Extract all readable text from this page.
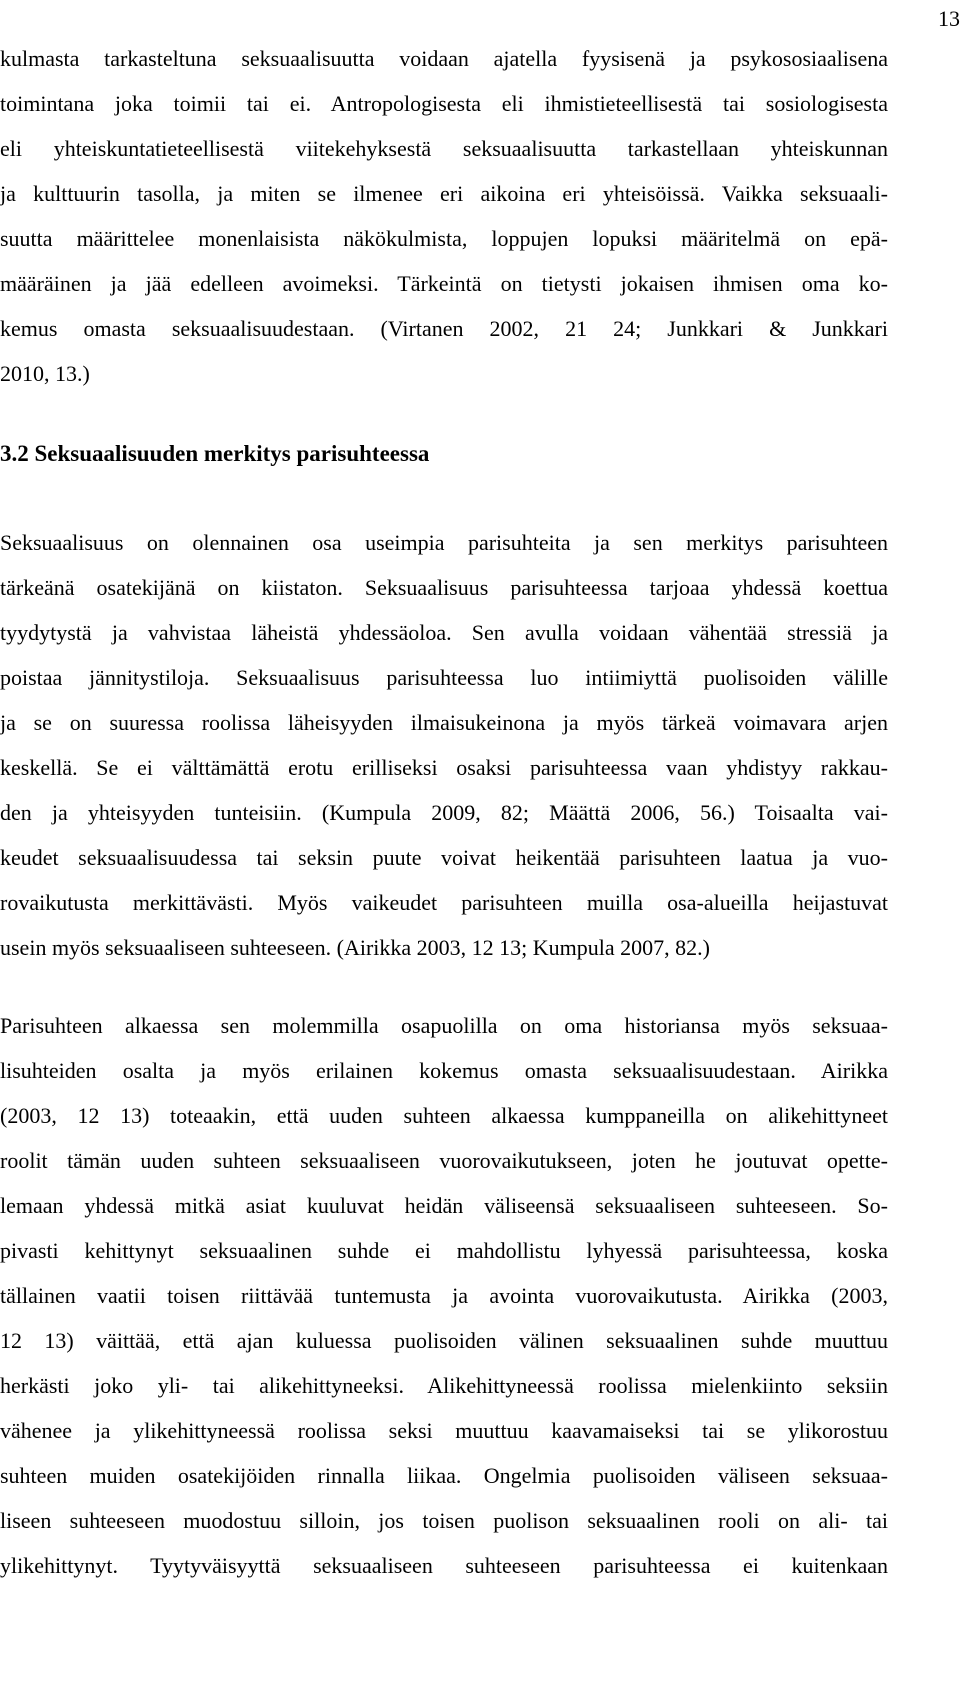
13
kulmasta tarkasteltuna seksuaalisuutta voidaan ajatella fyysisenä ja psykososiaalisena
toimintana joka toimii tai ei. Antropologisesta eli ihmistieteellisestä tai sosiologisesta
eli yhteiskuntatieteellisestä viitekehyksestä seksuaalisuutta tarkastellaan yhteiskunnan
ja kulttuurin tasolla, ja miten se ilmenee eri aikoina eri yhteisöissä. Vaikka seksuaali-
suutta määrittelee monenlaisista näkökulmista, loppujen lopuksi määritelmä on epä-
määräinen ja jää edelleen avoimeksi. Tärkeintä on tietysti jokaisen ihmisen oma ko-
kemus omasta seksuaalisuudestaan. (Virtanen 2002, 21 24; Junkkari & Junkkari
2010, 13.)
3.2 Seksuaalisuuden merkitys parisuhteessa
Seksuaalisuus on olennainen osa useimpia parisuhteita ja sen merkitys parisuhteen
tärkeänä osatekijänä on kiistaton. Seksuaalisuus parisuhteessa tarjoaa yhdessä koettua
tyydytystä ja vahvistaa läheistä yhdessäoloa. Sen avulla voidaan vähentää stressiä ja
poistaa jännitystiloja. Seksuaalisuus parisuhteessa luo intiimiyttä puolisoiden välille
ja se on suuressa roolissa läheisyyden ilmaisukeinona ja myös tärkeä voimavara arjen
keskellä. Se ei välttämättä erotu erilliseksi osaksi parisuhteessa vaan yhdistyy rakkau-
den ja yhteisyyden tunteisiin. (Kumpula 2009, 82; Määttä 2006, 56.) Toisaalta vai-
keudet seksuaalisuudessa tai seksin puute voivat heikentää parisuhteen laatua ja vuo-
rovaikutusta merkittävästi. Myös vaikeudet parisuhteen muilla osa-alueilla heijastuvat
usein myös seksuaaliseen suhteeseen. (Airikka 2003, 12 13; Kumpula 2007, 82.)
Parisuhteen alkaessa sen molemmilla osapuolilla on oma historiansa myös seksuaa-
lisuhteiden osalta ja myös erilainen kokemus omasta seksuaalisuudestaan. Airikka
(2003, 12 13) toteaakin, että uuden suhteen alkaessa kumppaneilla on alikehittyneet
roolit tämän uuden suhteen seksuaaliseen vuorovaikutukseen, joten he joutuvat opette-
lemaan yhdessä mitkä asiat kuuluvat heidän väliseensä seksuaaliseen suhteeseen. So-
pivasti kehittynyt seksuaalinen suhde ei mahdollistu lyhyessä parisuhteessa, koska
tällainen vaatii toisen riittävää tuntemusta ja avointa vuorovaikutusta. Airikka (2003,
12 13) väittää, että ajan kuluessa puolisoiden välinen seksuaalinen suhde muuttuu
herkästi joko yli- tai alikehittyneeksi. Alikehittyneessä roolissa mielenkiinto seksiin
vähenee ja ylikehittyneessä roolissa seksi muuttuu kaavamaiseksi tai se ylikorostuu
suhteen muiden osatekijöiden rinnalla liikaa. Ongelmia puolisoiden väliseen seksuaa-
liseen suhteeseen muodostuu silloin, jos toisen puolison seksuaalinen rooli on ali- tai
ylikehittynyt. Tyytyväisyyttä seksuaaliseen suhteeseen parisuhteessa ei kuitenkaan
